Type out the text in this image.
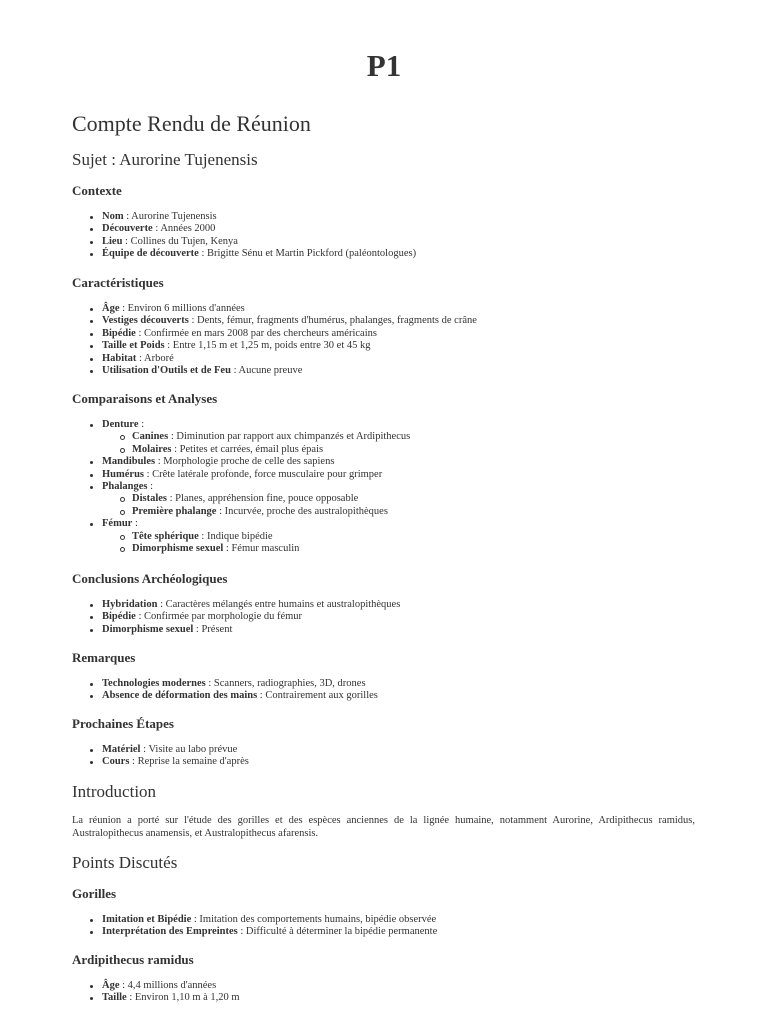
P1
Compte Rendu de Réunion
Sujet : Aurorine Tujenensis
Contexte
Nom : Aurorine Tujenensis
Découverte : Années 2000
Lieu : Collines du Tujen, Kenya
Équipe de découverte : Brigitte Sénu et Martin Pickford (paléontologues)
Caractéristiques
Âge : Environ 6 millions d'années
Vestiges découverts : Dents, fémur, fragments d'humérus, phalanges, fragments de crâne
Bipédie : Confirmée en mars 2008 par des chercheurs américains
Taille et Poids : Entre 1,15 m et 1,25 m, poids entre 30 et 45 kg
Habitat : Arboré
Utilisation d'Outils et de Feu : Aucune preuve
Comparaisons et Analyses
Denture :
Canines : Diminution par rapport aux chimpanzés et Ardipithecus
Molaires : Petites et carrées, émail plus épais
Mandibules : Morphologie proche de celle des sapiens
Humérus : Crête latérale profonde, force musculaire pour grimper
Phalanges :
Distales : Planes, appréhension fine, pouce opposable
Première phalange : Incurvée, proche des australopithèques
Fémur :
Tête sphérique : Indique bipédie
Dimorphisme sexuel : Fémur masculin
Conclusions Archéologiques
Hybridation : Caractères mélangés entre humains et australopithèques
Bipédie : Confirmée par morphologie du fémur
Dimorphisme sexuel : Présent
Remarques
Technologies modernes : Scanners, radiographies, 3D, drones
Absence de déformation des mains : Contrairement aux gorilles
Prochaines Étapes
Matériel : Visite au labo prévue
Cours : Reprise la semaine d'après
Introduction

La réunion a porté sur l'étude des gorilles et des espèces anciennes de la lignée humaine, notamment Aurorine, Ardipithecus ramidus, Australopithecus anamensis, et Australopithecus afarensis.

Points Discutés
Gorilles
Imitation et Bipédie : Imitation des comportements humains, bipédie observée
Interprétation des Empreintes : Difficulté à déterminer la bipédie permanente
Ardipithecus ramidus
Âge : 4,4 millions d'années
Taille : Environ 1,10 m à 1,20 m
